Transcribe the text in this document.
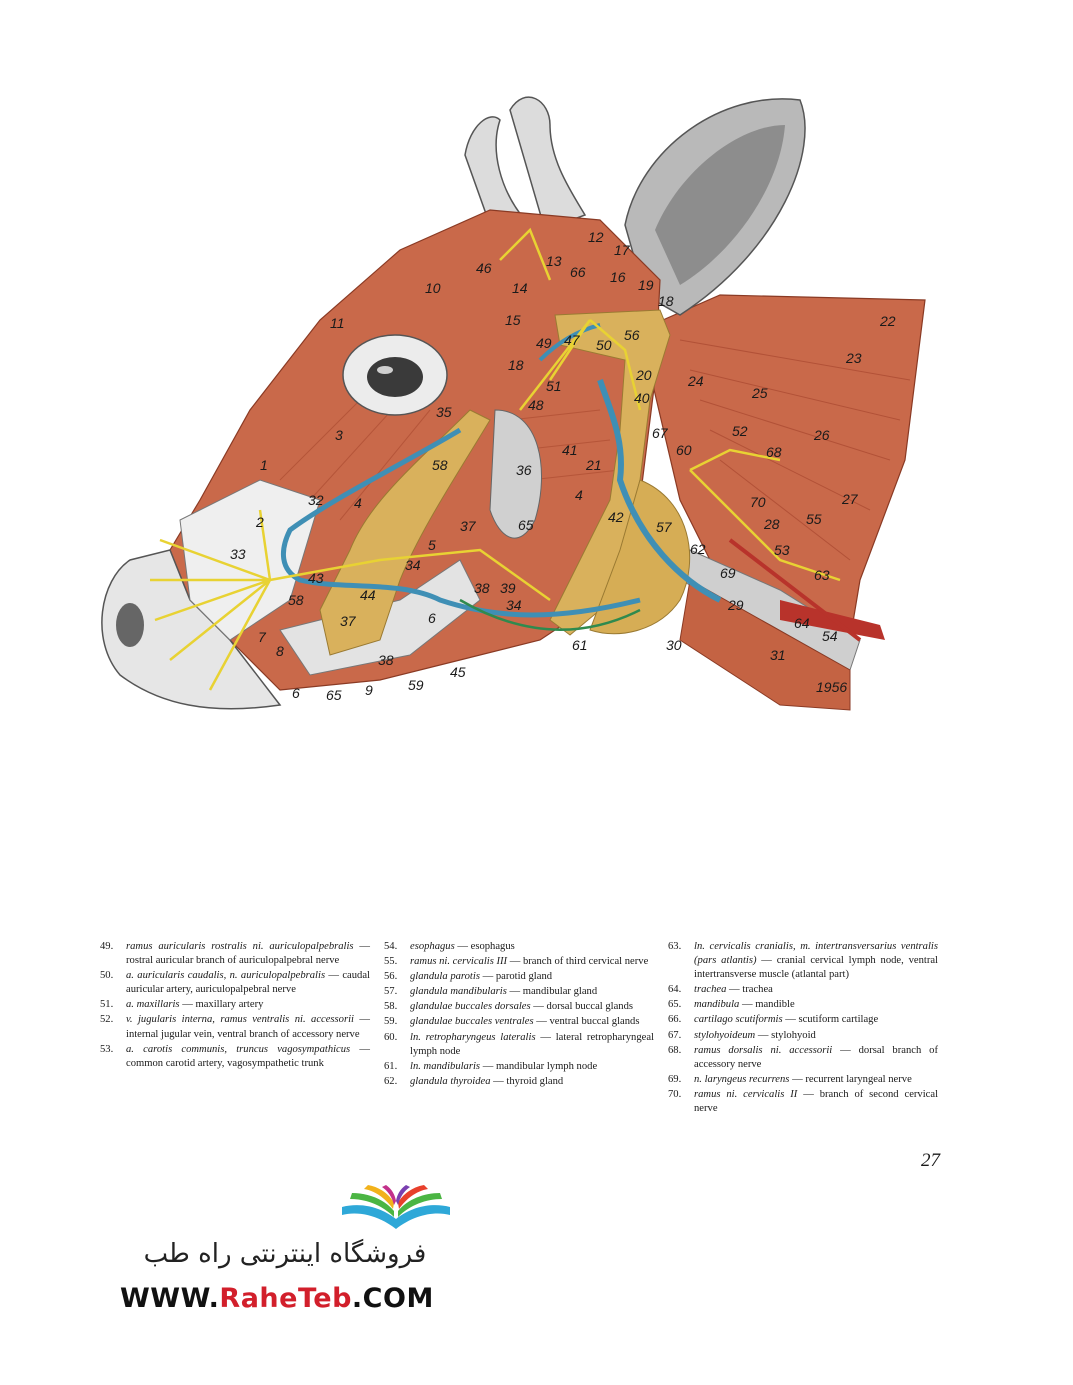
1
2
3
4	4
5
6
6
7
8
9
10
11
12
13
14
15
16
17
18
18
19
20
21
22
23
24
25
26
27
28
29
30
31
32
33
34
34
35
36
37
37
38
38
39
40
41
42
43
44
45
46
47
48
49	50
51
52
53
54
55
56
57
58
58
59
60
61
62
63
64
65
65
66
67
68
69
70
1956
49.	ramus auricularis rostralis ni. auriculopalpebralis — rostral auricular branch of auriculopalpebral nerve
50.	a. auricularis caudalis, n. auriculopalpebralis — caudal auricular artery, auriculopalpebral nerve
51.	a. maxillaris — maxillary artery
52.	v. jugularis interna, ramus ventralis ni. accessorii — internal jugular vein, ventral branch of accessory nerve
53.	a. carotis communis, truncus vagosympathicus — common carotid artery, vagosympathetic trunk
54.	esophagus — esophagus
55.	ramus ni. cervicalis III — branch of third cervical nerve
56.	glandula parotis — parotid gland
57.	glandula mandibularis — mandibular gland
58.	glandulae buccales dorsales — dorsal buccal glands
59.	glandulae buccales ventrales — ventral buccal glands
60.	ln. retropharyngeus lateralis — lateral retropharyngeal lymph node
61.	ln. mandibularis — mandibular lymph node
62.	glandula thyroidea — thyroid gland
63.	ln. cervicalis cranialis, m. intertransversarius ventralis (pars atlantis) — cranial cervical lymph node, ventral intertransverse muscle (atlantal part)
64.	trachea — trachea
65.	mandibula — mandible
66.	cartilago scutiformis — scutiform cartilage
67.	stylohyoideum — stylohyoid
68.	ramus dorsalis ni. accessorii — dorsal branch of accessory nerve
69.	n. laryngeus recurrens — recurrent laryngeal nerve
70.	ramus ni. cervicalis II — branch of second cervical nerve
27
فروشگاه اینترنتی راه طب
WWW.RaheTeb.COM
